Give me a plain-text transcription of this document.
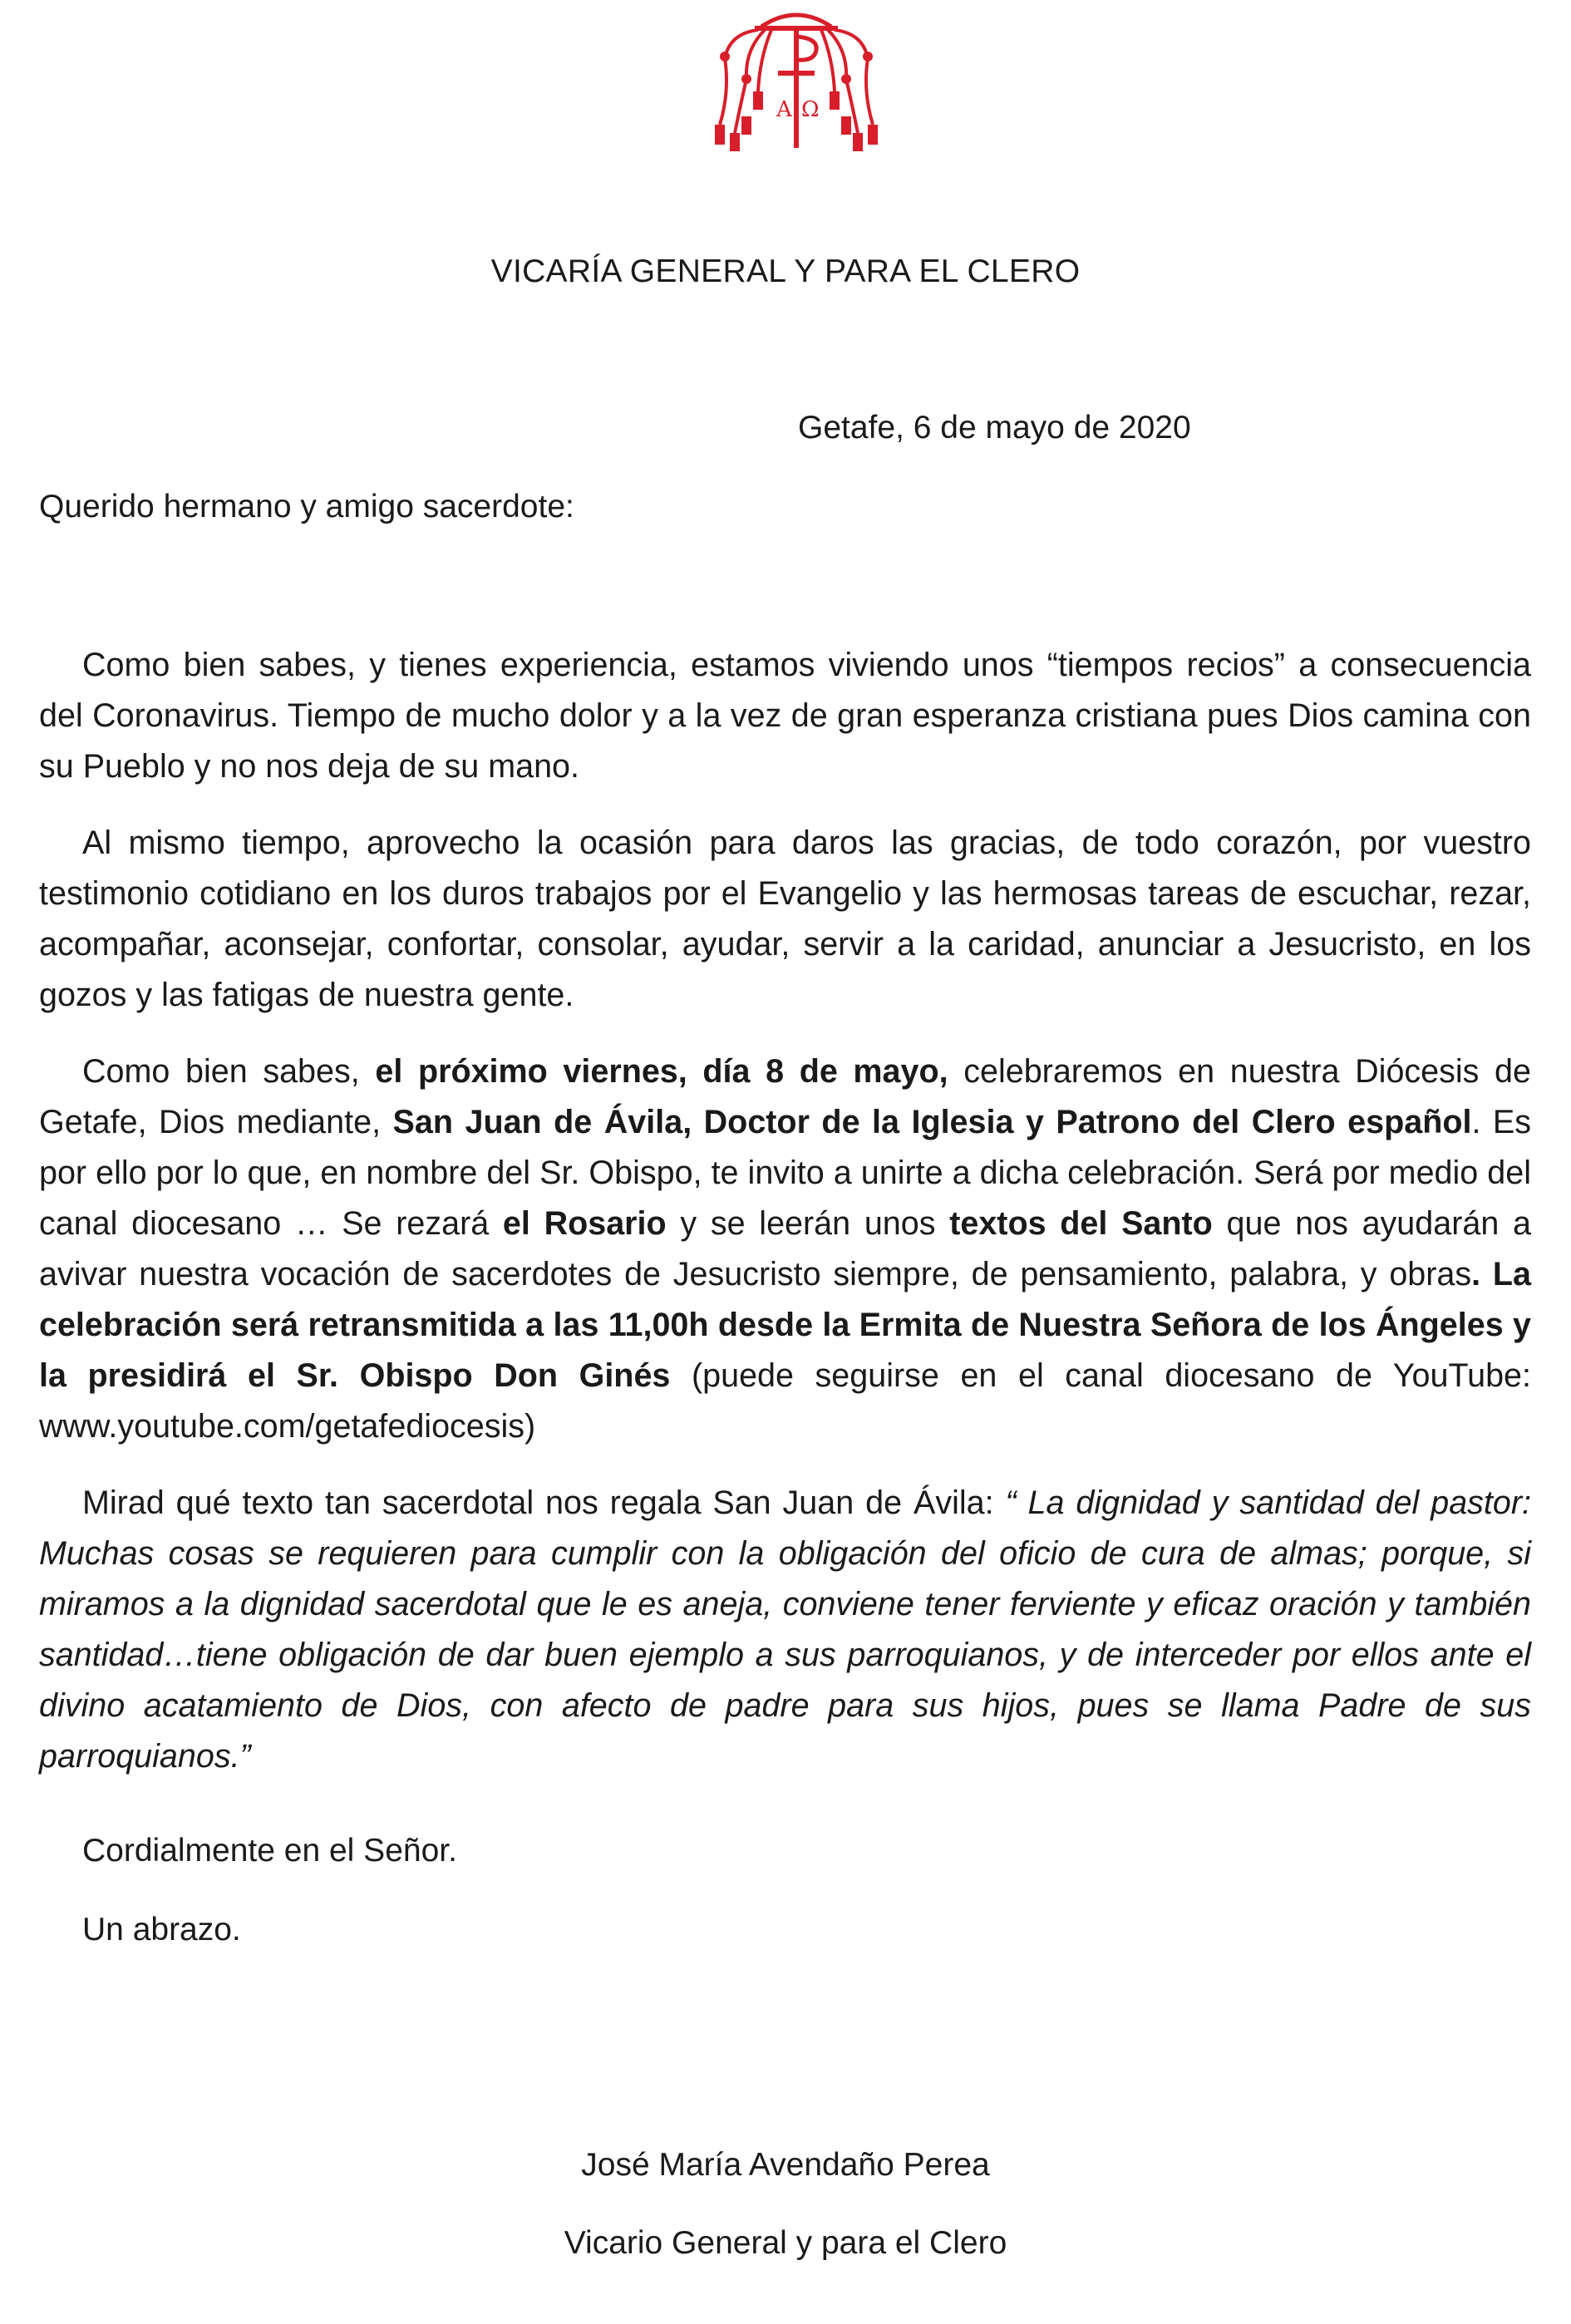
A Ω
VICARÍA GENERAL Y PARA EL CLERO
Getafe, 6 de mayo de 2020
Querido hermano y amigo sacerdote:

Como bien sabes, y tienes experiencia, estamos viviendo unos “tiempos recios” a consecuencia del Coronavirus. Tiempo de mucho dolor y a la vez de gran esperanza cristiana pues Dios camina con su Pueblo y no nos deja de su mano.

Al mismo tiempo, aprovecho la ocasión para daros las gracias, de todo corazón, por vuestro testimonio cotidiano en los duros trabajos por el Evangelio y las hermosas tareas de escuchar, rezar, acompañar, aconsejar, confortar, consolar, ayudar, servir a la caridad, anunciar a Jesucristo, en los gozos y las fatigas de nuestra gente.

Como bien sabes, el próximo viernes, día 8 de mayo, celebraremos en nuestra Diócesis de Getafe, Dios mediante, San Juan de Ávila, Doctor de la Iglesia y Patrono del Clero español. Es por ello por lo que, en nombre del Sr. Obispo, te invito a unirte a dicha celebración. Será por medio del canal diocesano … Se rezará el Rosario y se leerán unos textos del Santo que nos ayudarán a avivar nuestra vocación de sacerdotes de Jesucristo siempre, de pensamiento, palabra, y obras. La celebración será retransmitida a las 11,00h desde la Ermita de Nuestra Señora de los Ángeles y la presidirá el Sr. Obispo Don Ginés (puede seguirse en el canal diocesano de YouTube: www.youtube.com/getafediocesis)

Mirad qué texto tan sacerdotal nos regala San Juan de Ávila: “ La dignidad y santidad del pastor: Muchas cosas se requieren para cumplir con la obligación del oficio de cura de almas; porque, si miramos a la dignidad sacerdotal que le es aneja, conviene tener ferviente y eficaz oración y también santidad…tiene obligación de dar buen ejemplo a sus parroquianos, y de interceder por ellos ante el divino acatamiento de Dios, con afecto de padre para sus hijos, pues se llama Padre de sus parroquianos.”

Cordialmente en el Señor.
Un abrazo.
José María Avendaño Perea
Vicario General y para el Clero
